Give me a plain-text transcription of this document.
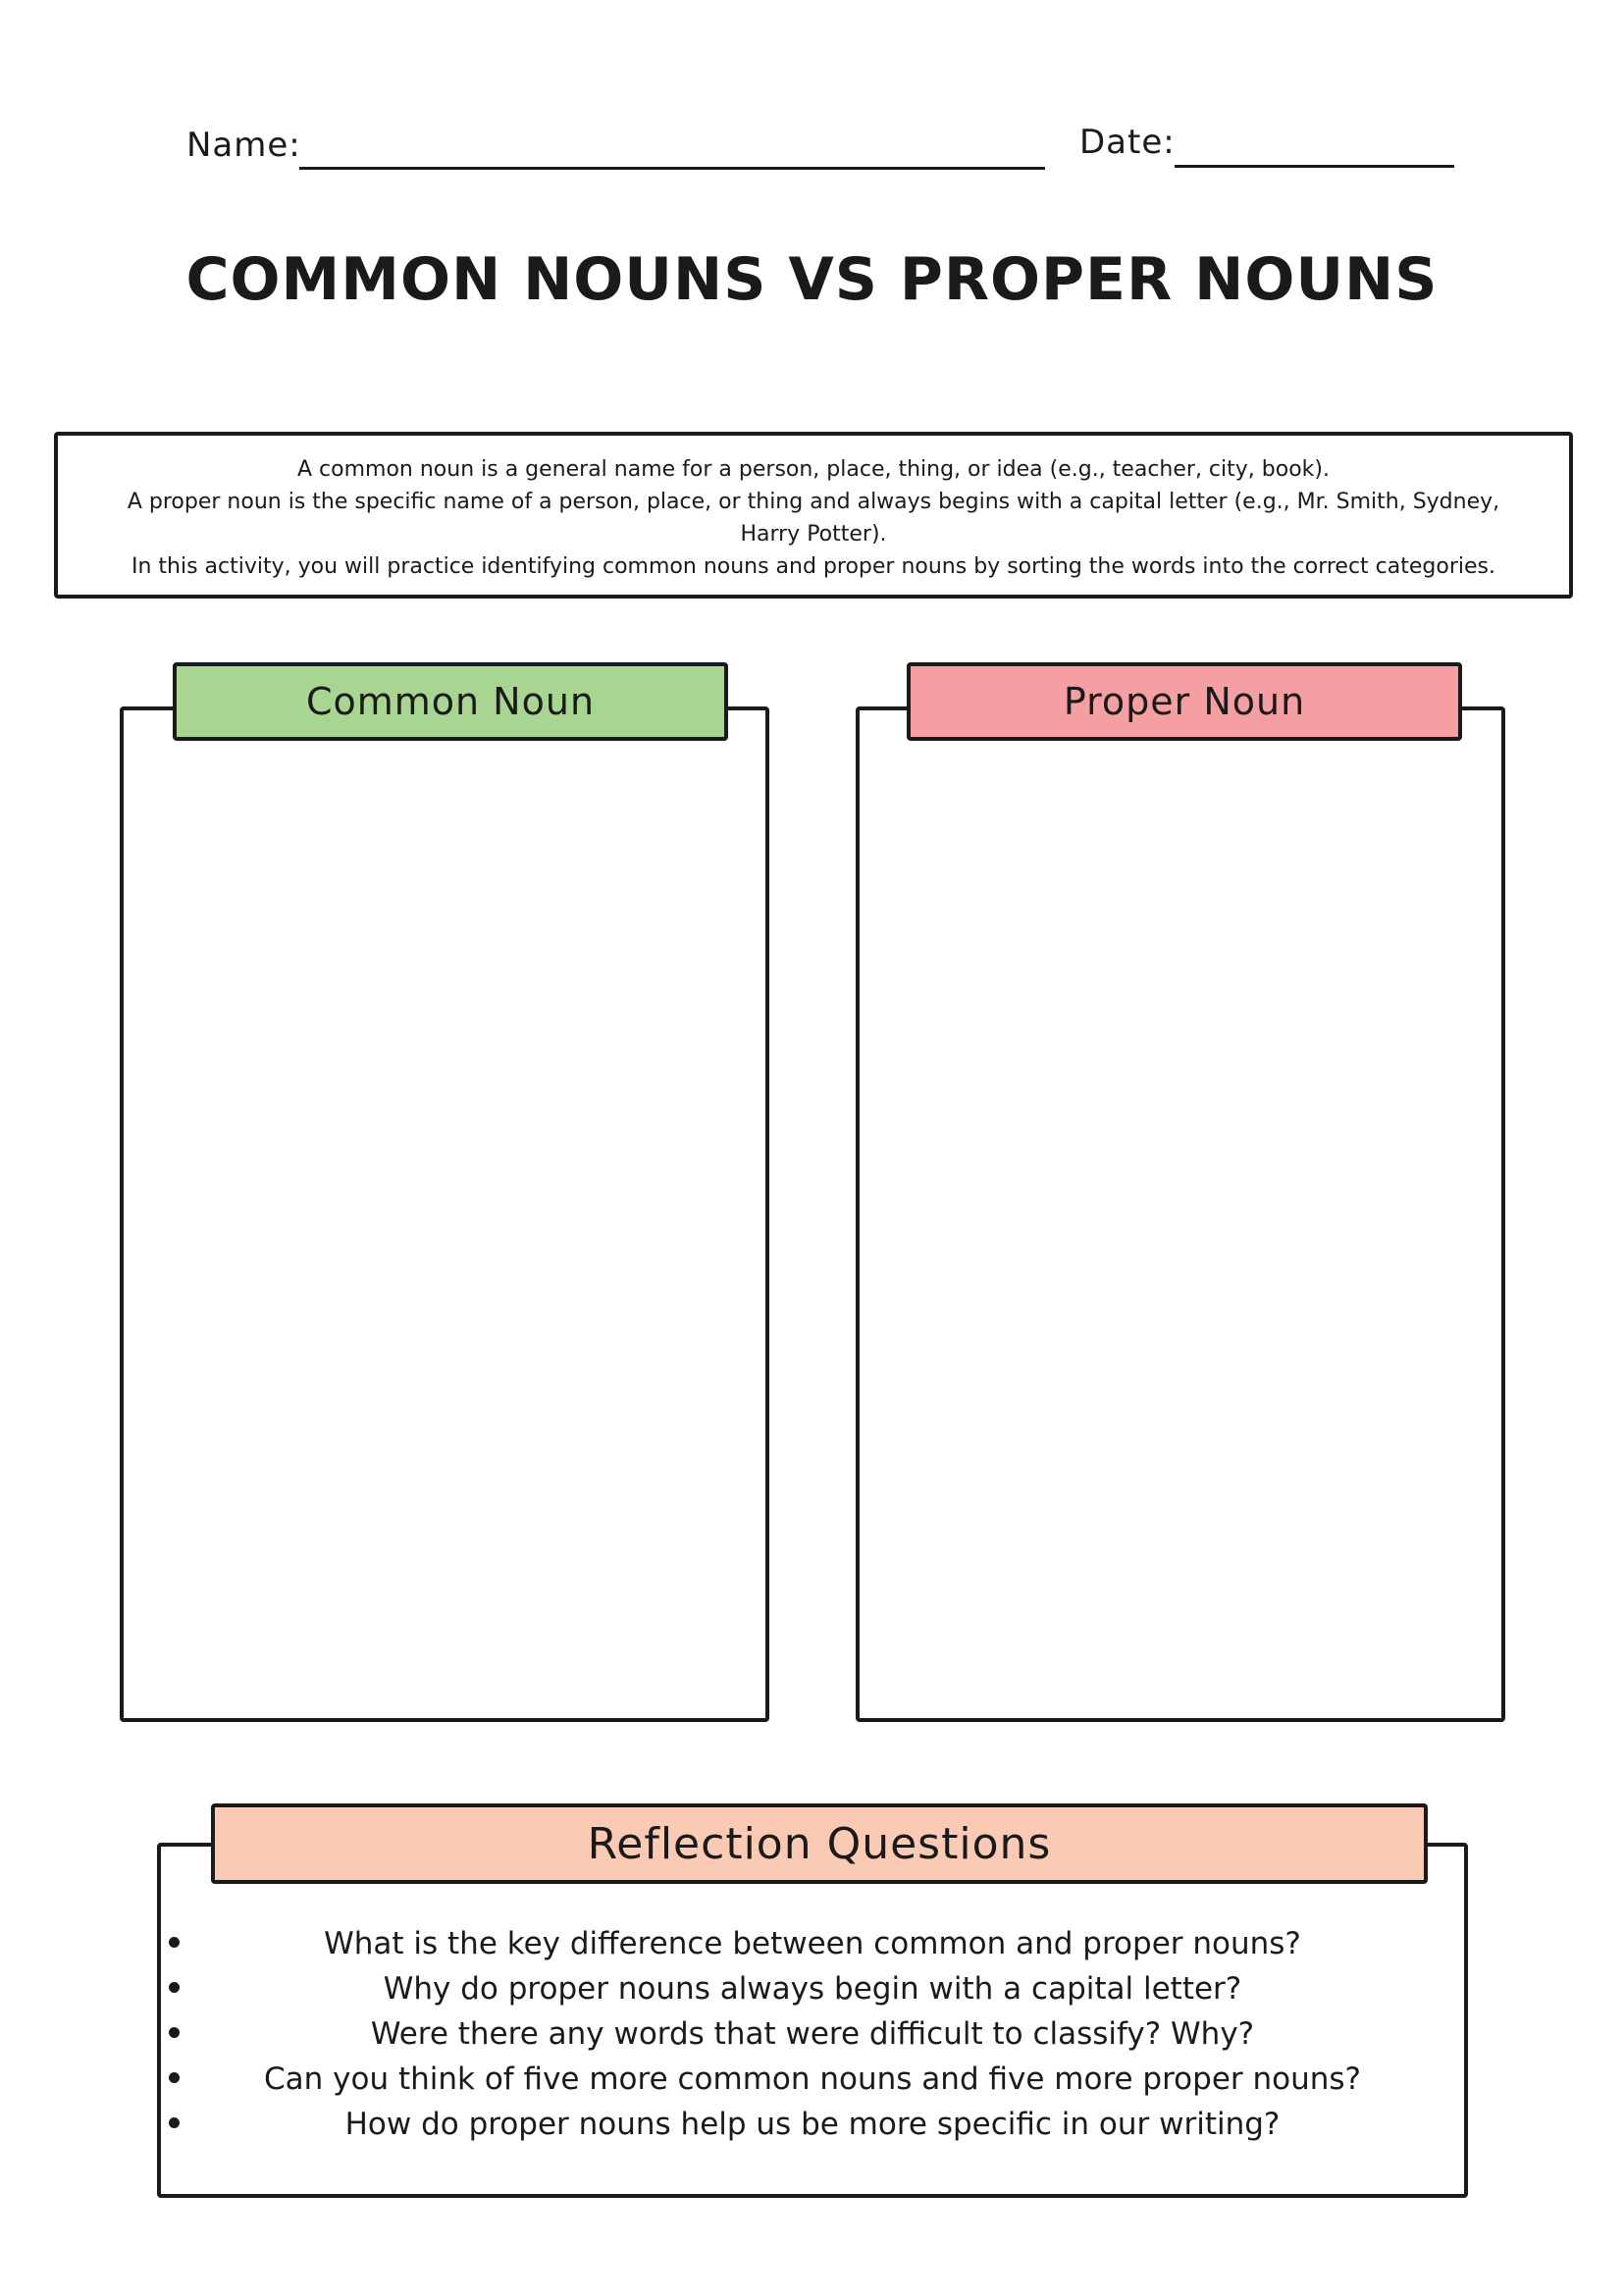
Name:	Date:
COMMON NOUNS VS PROPER NOUNS

A common noun is a general name for a person, place, thing, or idea (e.g., teacher, city, book).

A proper noun is the specific name of a person, place, or thing and always begins with a capital letter (e.g., Mr. Smith, Sydney, Harry Potter).

In this activity, you will practice identifying common nouns and proper nouns by sorting the words into the correct categories.

Common Noun	Proper Noun
Reflection Questions
What is the key difference between common and proper nouns?
Why do proper nouns always begin with a capital letter?
Were there any words that were difficult to classify? Why?
Can you think of five more common nouns and five more proper nouns?
How do proper nouns help us be more specific in our writing?
